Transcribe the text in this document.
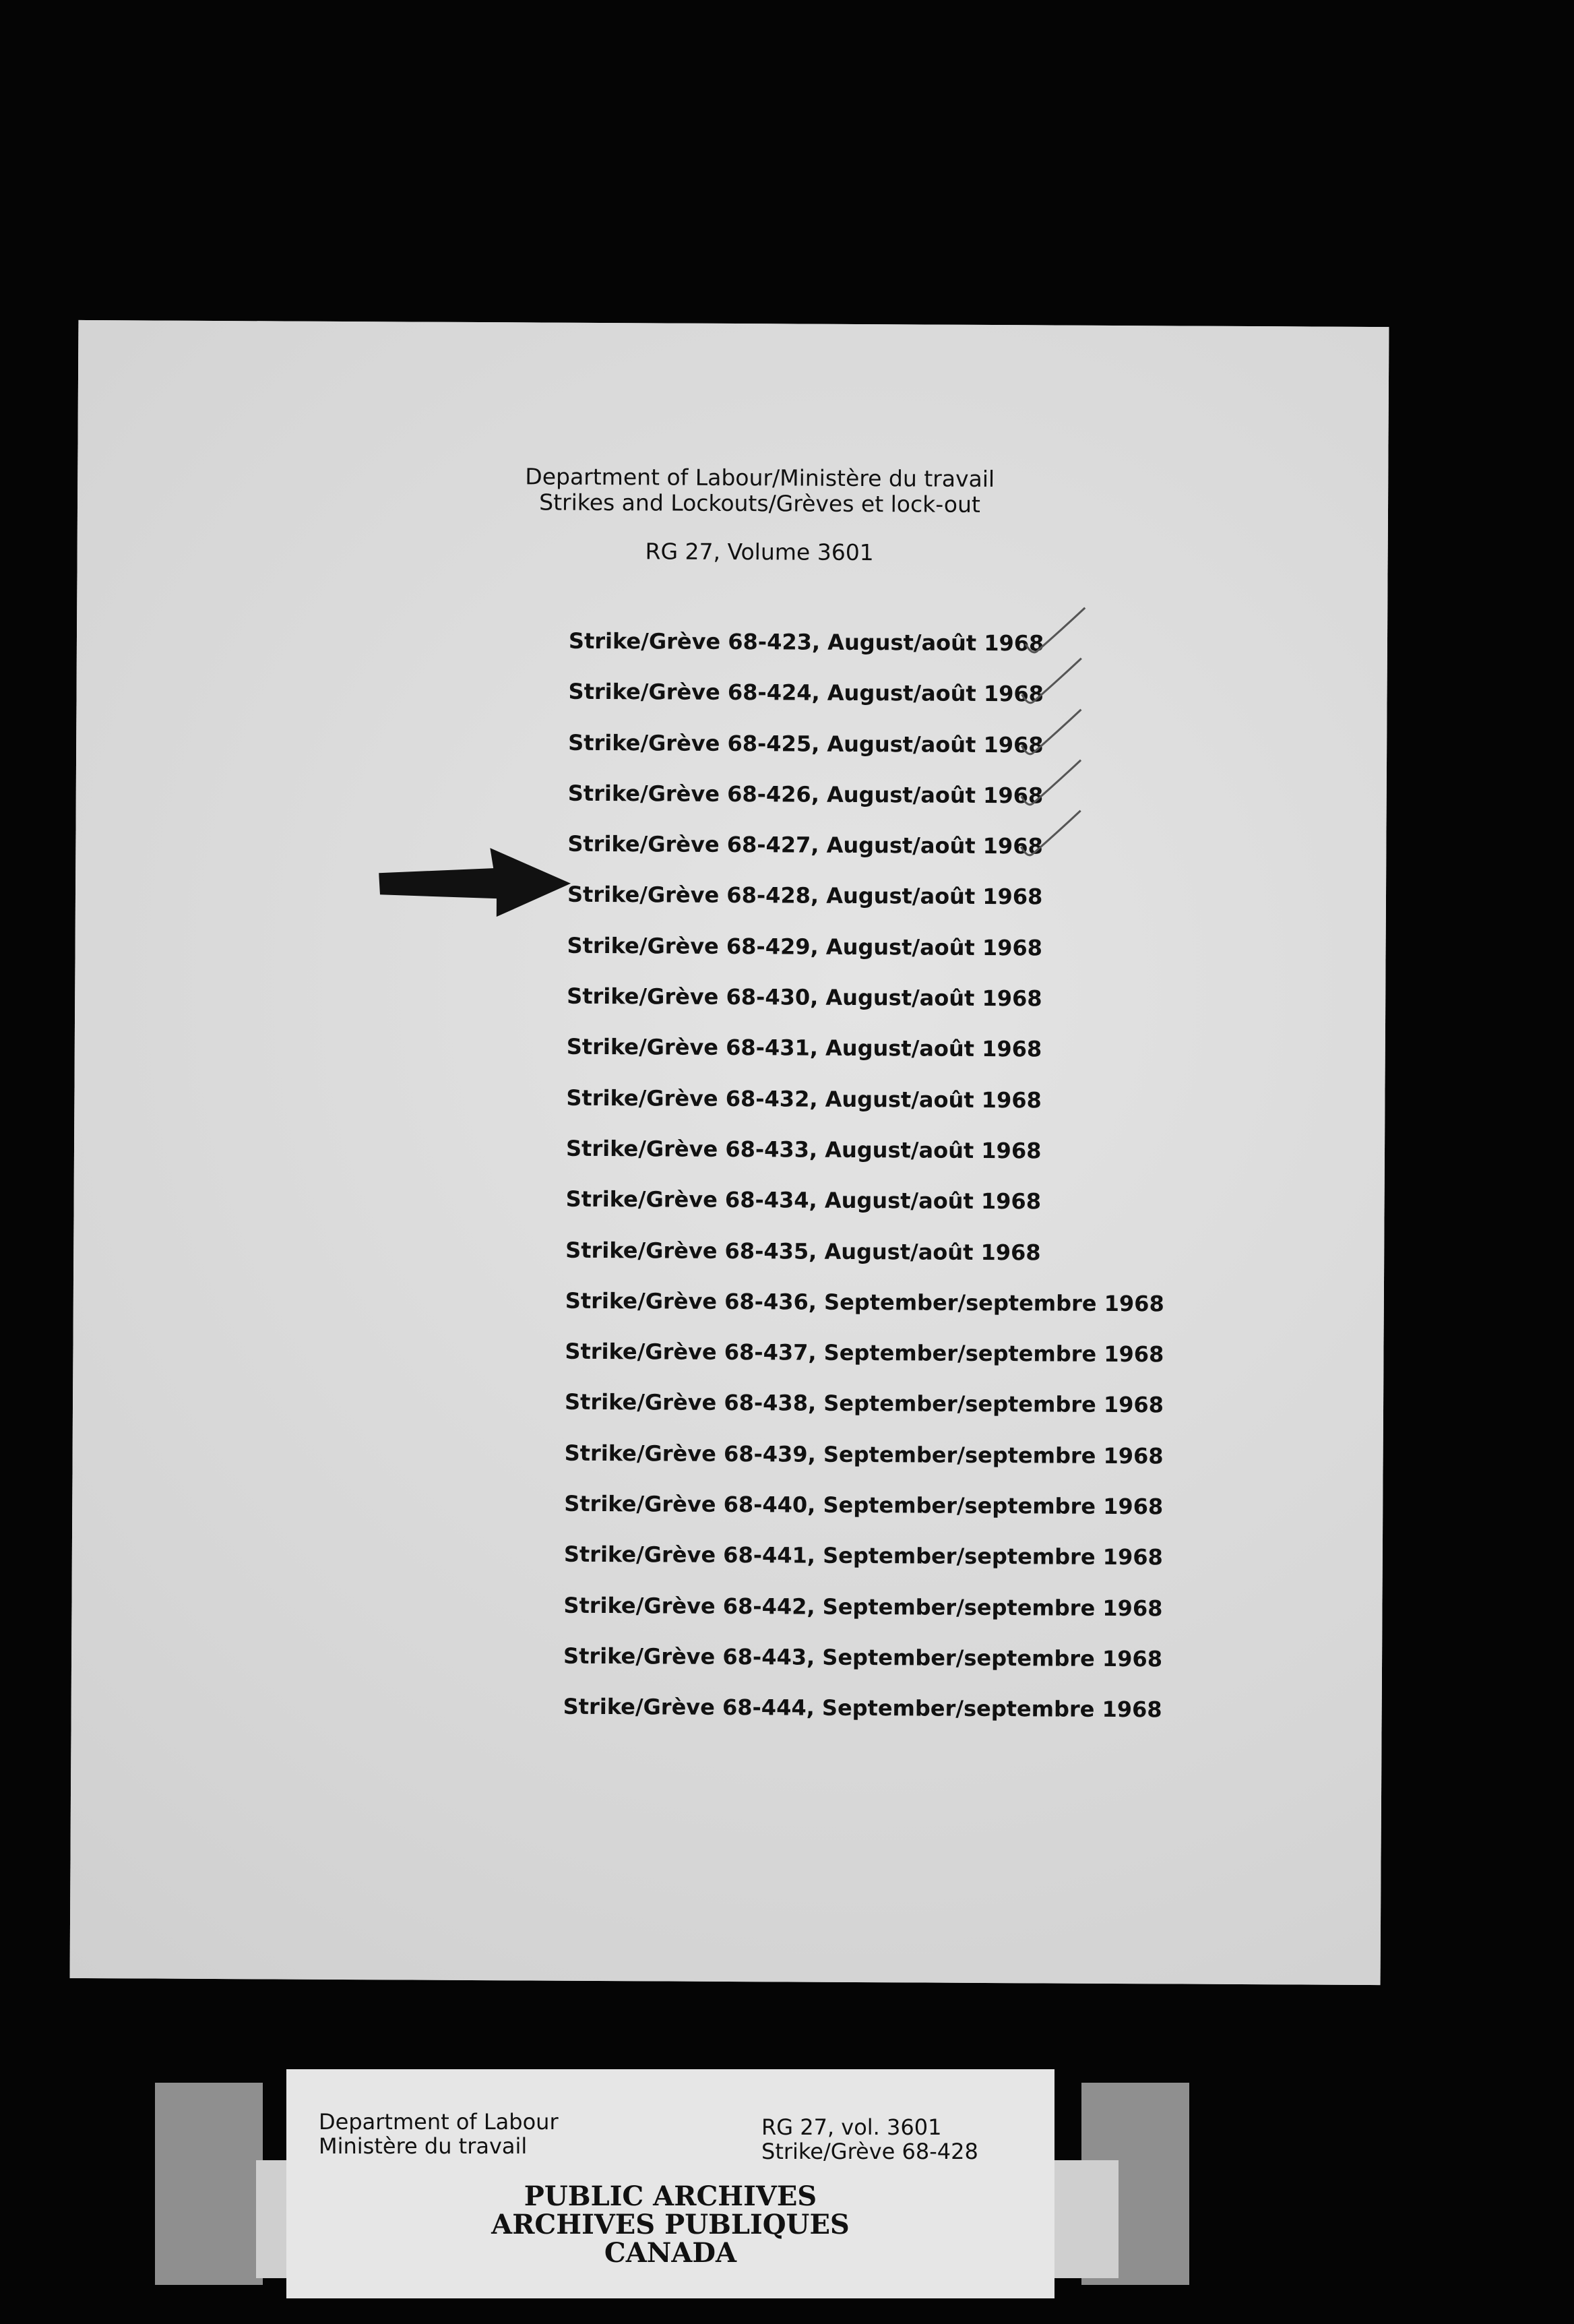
Department of Labour/Ministère du travail
Strikes and Lockouts/Grèves et lock-out
RG 27, Volume 3601
Strike/Grève 68-423, August/août 1968
Strike/Grève 68-424, August/août 1968
Strike/Grève 68-425, August/août 1968
Strike/Grève 68-426, August/août 1968
Strike/Grève 68-427, August/août 1968
Strike/Grève 68-428, August/août 1968
Strike/Grève 68-429, August/août 1968
Strike/Grève 68-430, August/août 1968
Strike/Grève 68-431, August/août 1968
Strike/Grève 68-432, August/août 1968
Strike/Grève 68-433, August/août 1968
Strike/Grève 68-434, August/août 1968
Strike/Grève 68-435, August/août 1968
Strike/Grève 68-436, September/septembre 1968
Strike/Grève 68-437, September/septembre 1968
Strike/Grève 68-438, September/septembre 1968
Strike/Grève 68-439, September/septembre 1968
Strike/Grève 68-440, September/septembre 1968
Strike/Grève 68-441, September/septembre 1968
Strike/Grève 68-442, September/septembre 1968
Strike/Grève 68-443, September/septembre 1968
Strike/Grève 68-444, September/septembre 1968
Department of Labour
Ministère du travail
RG 27, vol. 3601
Strike/Grève 68-428
PUBLIC ARCHIVES
ARCHIVES PUBLIQUES
CANADA
